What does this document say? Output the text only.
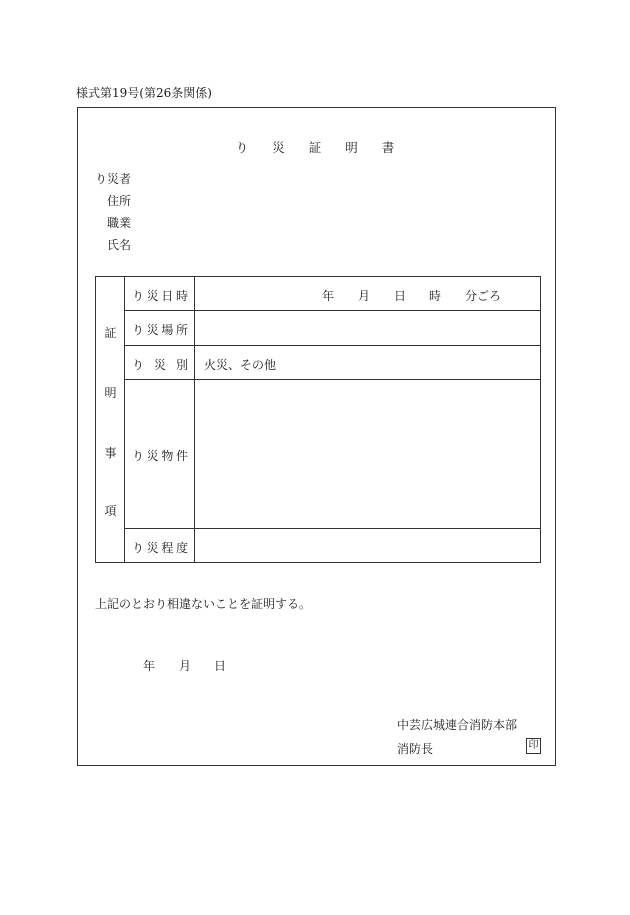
様式第19号(第26条関係)
り 災 証 明 書
り災者
住所
職業
氏名
証
明
事
項
り 災 日 時	年 月 日 時 分ごろ
り 災 場 所
り 災 別 火災、その他
り 災 物 件
り 災 程 度
上記のとおり相違ないことを証明する。
年 月 日
中芸広城連合消防本部
消防長	印
